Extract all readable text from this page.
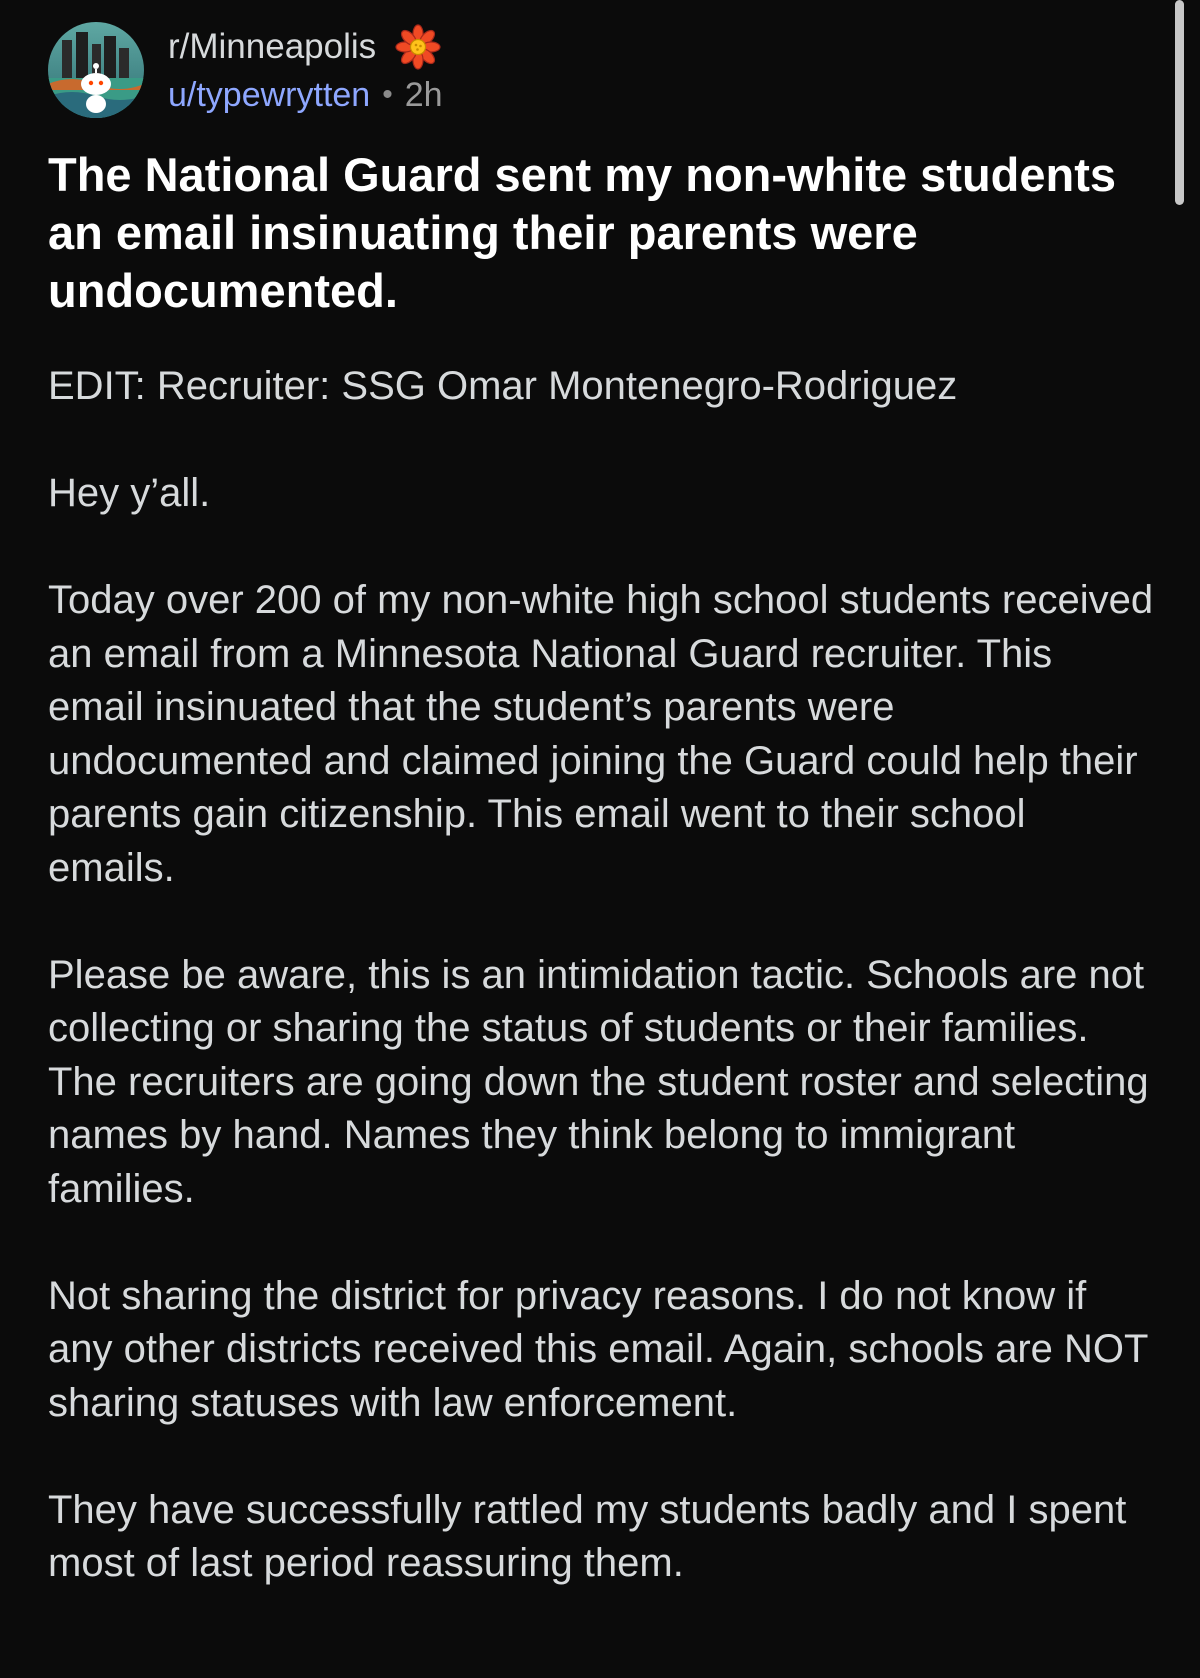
r/Minneapolis
u/typewrytten • 2h
The National Guard sent my non-white students an email insinuating their parents were undocumented.

EDIT: Recruiter: SSG Omar Montenegro-Rodriguez

Hey y’all.

Today over 200 of my non-white high school students received an email from a Minnesota National Guard recruiter. This email insinuated that the student’s parents were undocumented and claimed joining the Guard could help their parents gain citizenship. This email went to their school emails.

Please be aware, this is an intimidation tactic. Schools are not collecting or sharing the status of students or their families. The recruiters are going down the student roster and selecting names by hand. Names they think belong to immigrant families.

Not sharing the district for privacy reasons. I do not know if any other districts received this email. Again, schools are NOT sharing statuses with law enforcement.

They have successfully rattled my students badly and I spent most of last period reassuring them.
